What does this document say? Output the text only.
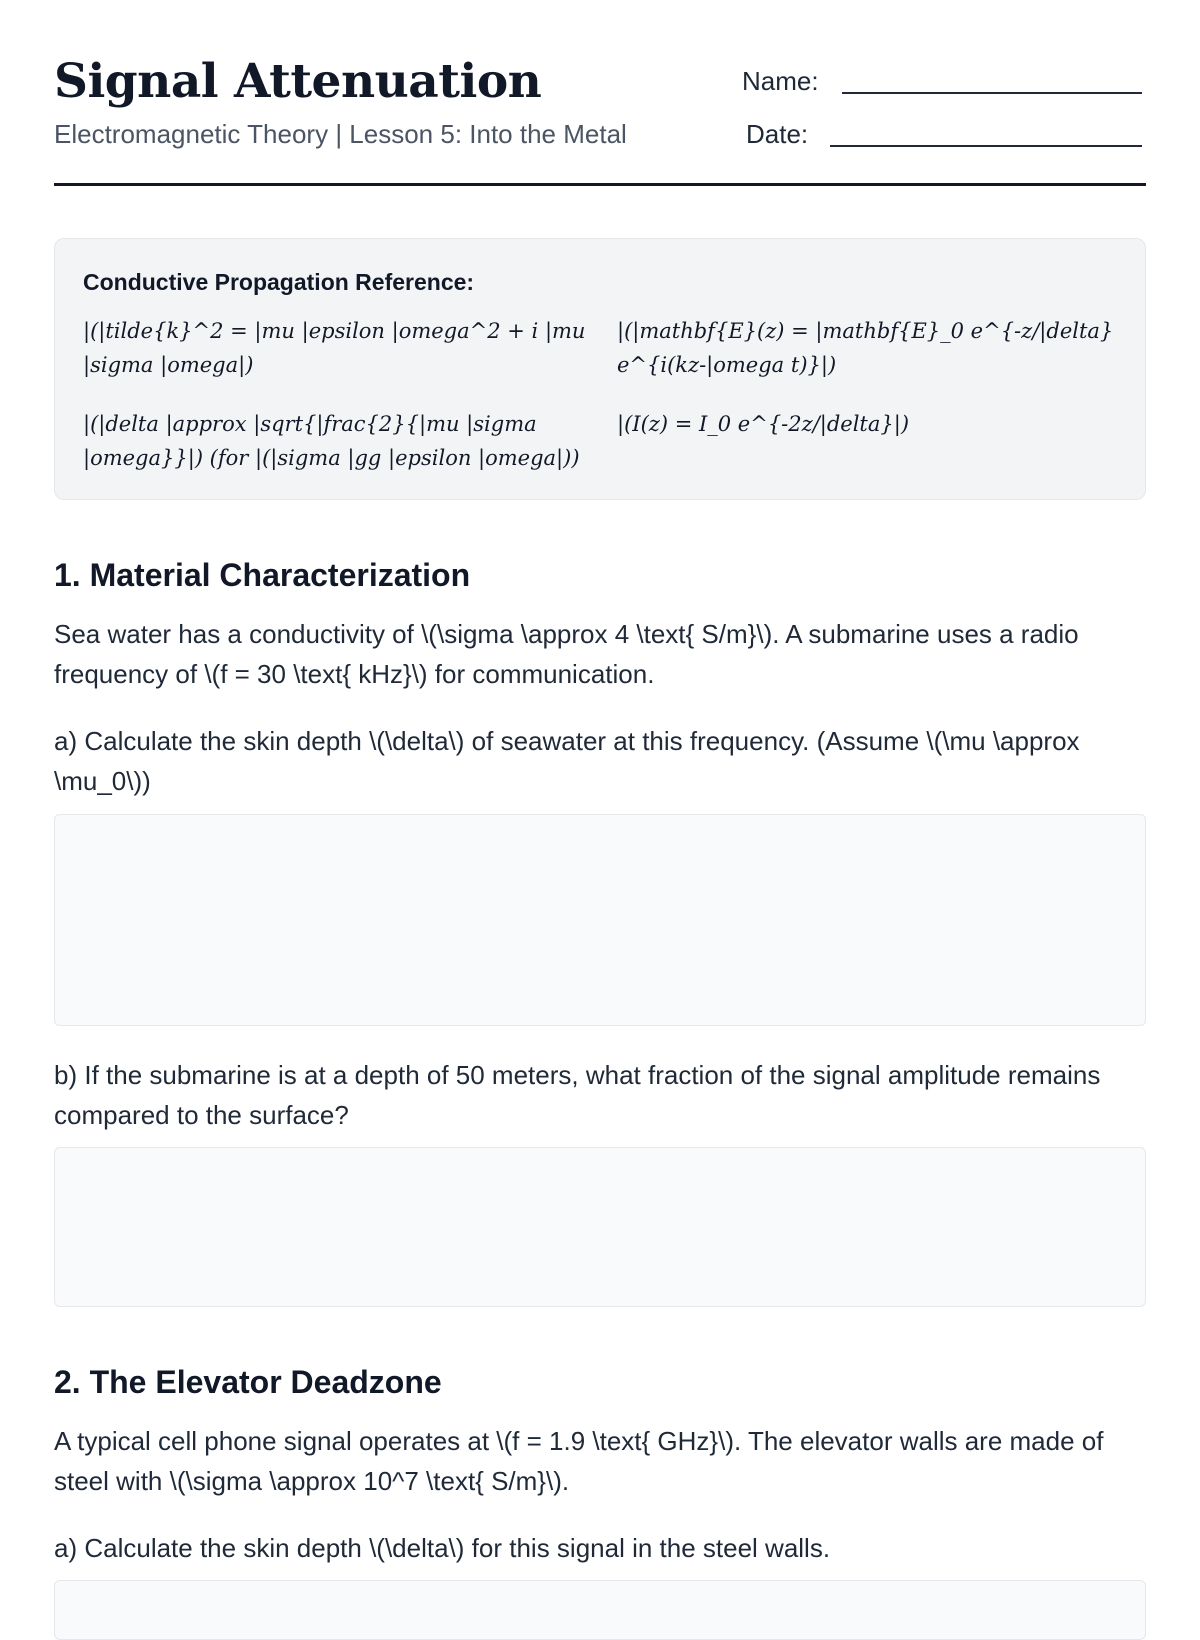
Signal Attenuation
Electromagnetic Theory | Lesson 5: Into the Metal
Name:
Date:
Conductive Propagation Reference:
|(|tilde{k}^2 = |mu |epsilon |omega^2 + i |mu |sigma |omega|)
|(|mathbf{E}(z) = |mathbf{E}_0 e^{-z/|delta} e^{i(kz-|omega t)}|)
|(|delta |approx |sqrt{|frac{2}{|mu |sigma |omega}}|) (for |(|sigma |gg |epsilon |omega|))
|(I(z) = I_0 e^{-2z/|delta}|)
1. Material Characterization
Sea water has a conductivity of \(\sigma \approx 4 \text{ S/m}\). A submarine uses a radio frequency of \(f = 30 \text{ kHz}\) for communication.
a) Calculate the skin depth \(\delta\) of seawater at this frequency. (Assume \(\mu \approx \mu_0\))
b) If the submarine is at a depth of 50 meters, what fraction of the signal amplitude remains compared to the surface?
2. The Elevator Deadzone
A typical cell phone signal operates at \(f = 1.9 \text{ GHz}\). The elevator walls are made of steel with \(\sigma \approx 10^7 \text{ S/m}\).
a) Calculate the skin depth \(\delta\) for this signal in the steel walls.
